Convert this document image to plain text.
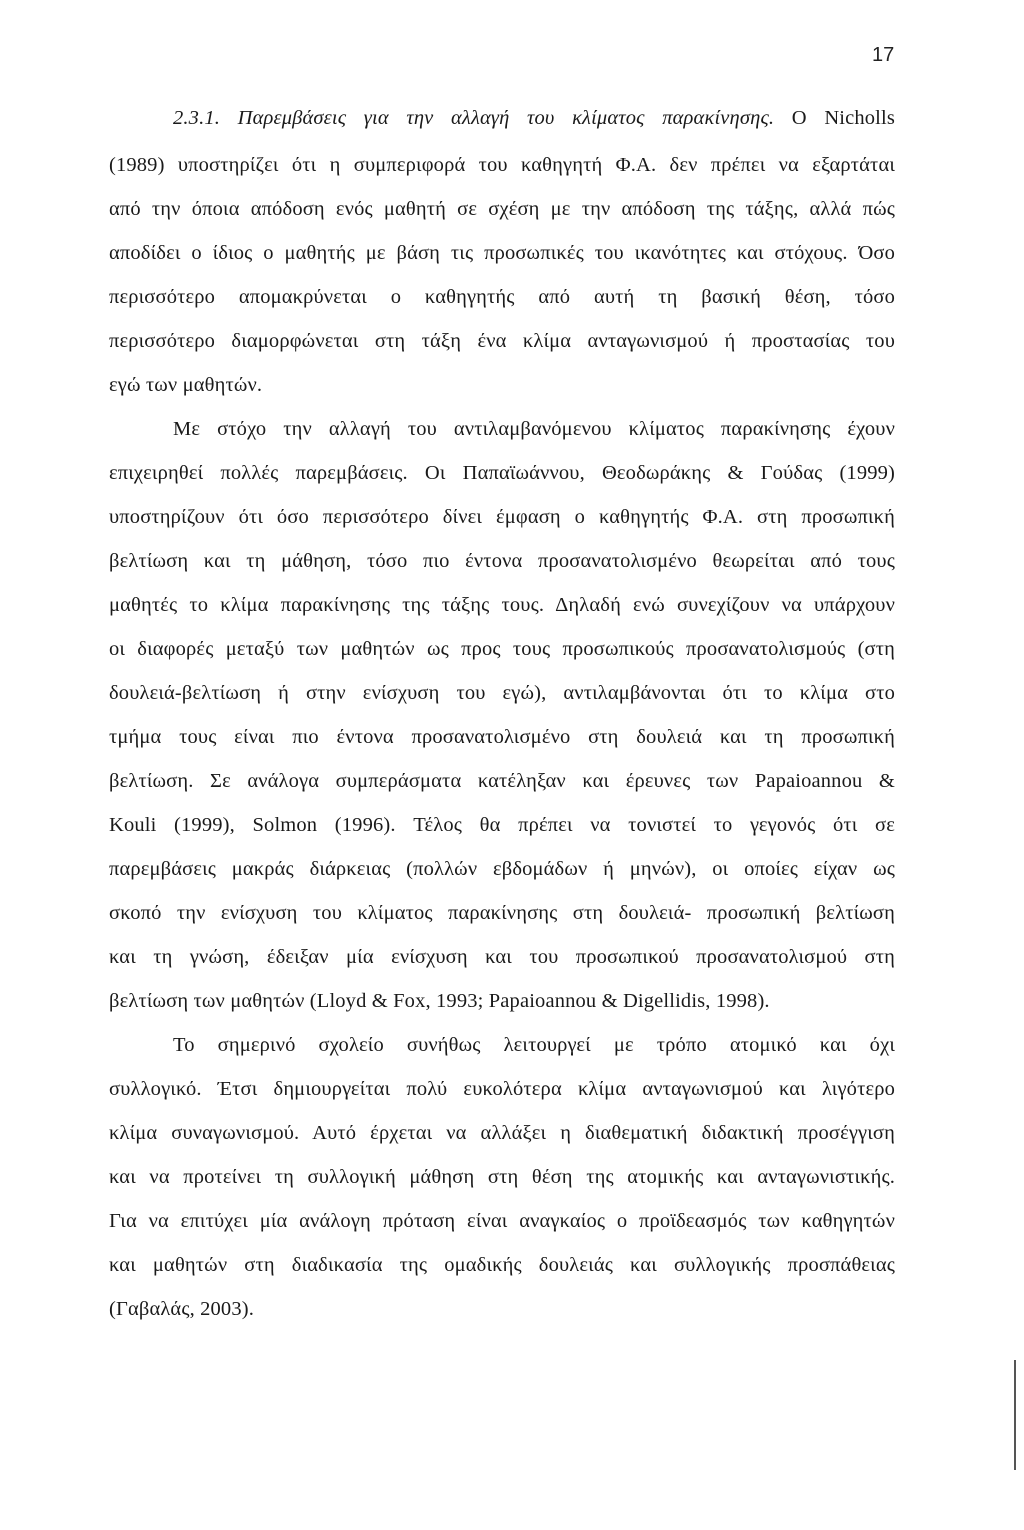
17
2.3.1. Παρεμβάσεις για την αλλαγή του κλίματος παρακίνησης. Ο Nicholls
(1989) υποστηρίζει ότι η συμπεριφορά του καθηγητή Φ.Α. δεν πρέπει να εξαρτάται
από την όποια απόδοση ενός μαθητή σε σχέση με την απόδοση της τάξης, αλλά πώς
αποδίδει ο ίδιος ο μαθητής με βάση τις προσωπικές του ικανότητες και στόχους. Όσο
περισσότερο απομακρύνεται ο καθηγητής από αυτή τη βασική θέση, τόσο
περισσότερο διαμορφώνεται στη τάξη ένα κλίμα ανταγωνισμού ή προστασίας του
εγώ των μαθητών.
Με στόχο την αλλαγή του αντιλαμβανόμενου κλίματος παρακίνησης έχουν
επιχειρηθεί πολλές παρεμβάσεις. Οι Παπαϊωάννου, Θεοδωράκης & Γούδας (1999)
υποστηρίζουν ότι όσο περισσότερο δίνει έμφαση ο καθηγητής Φ.Α. στη προσωπική
βελτίωση και τη μάθηση, τόσο πιο έντονα προσανατολισμένο θεωρείται από τους
μαθητές το κλίμα παρακίνησης της τάξης τους. Δηλαδή ενώ συνεχίζουν να υπάρχουν
οι διαφορές μεταξύ των μαθητών ως προς τους προσωπικούς προσανατολισμούς (στη
δουλειά-βελτίωση ή στην ενίσχυση του εγώ), αντιλαμβάνονται ότι το κλίμα στο
τμήμα τους είναι πιο έντονα προσανατολισμένο στη δουλειά και τη προσωπική
βελτίωση. Σε ανάλογα συμπεράσματα κατέληξαν και έρευνες των Papaioannou &
Kouli (1999), Solmon (1996). Τέλος θα πρέπει να τονιστεί το γεγονός ότι σε
παρεμβάσεις μακράς διάρκειας (πολλών εβδομάδων ή μηνών), οι οποίες είχαν ως
σκοπό την ενίσχυση του κλίματος παρακίνησης στη δουλειά- προσωπική βελτίωση
και τη γνώση, έδειξαν μία ενίσχυση και του προσωπικού προσανατολισμού στη
βελτίωση των μαθητών (Lloyd & Fox, 1993; Papaioannou & Digellidis, 1998).
Το σημερινό σχολείο συνήθως λειτουργεί με τρόπο ατομικό και όχι
συλλογικό. Έτσι δημιουργείται πολύ ευκολότερα κλίμα ανταγωνισμού και λιγότερο
κλίμα συναγωνισμού. Αυτό έρχεται να αλλάξει η διαθεματική διδακτική προσέγγιση
και να προτείνει τη συλλογική μάθηση στη θέση της ατομικής και ανταγωνιστικής.
Για να επιτύχει μία ανάλογη πρόταση είναι αναγκαίος ο προϊδεασμός των καθηγητών
και μαθητών στη διαδικασία της ομαδικής δουλειάς και συλλογικής προσπάθειας
(Γαβαλάς, 2003).
